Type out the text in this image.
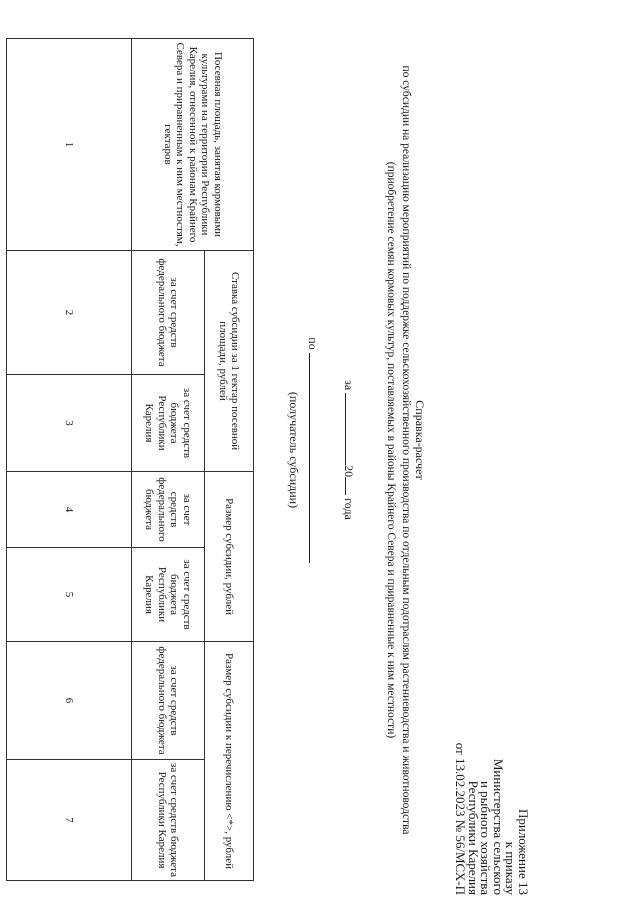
Приложение 13
к приказу
Министерства сельского
и рыбного хозяйства
Республики Карелия
от 13.02.2023 № 56/МСХ-П
Справка-расчет
по субсидии на реализацию мероприятий по поддержке сельскохозяйственного производства по отдельным подотраслям растениеводства и животноводства
(приобретение семян кормовых культур, поставляемых в районы Крайнего Севера и приравненные к ним местности)
за 20 года
по
(получатель субсидии)
Посевная площадь, занятая кормовыми культурами на территории Республики Карелия, отнесенной к районам Крайнего Севера и приравненным к ним местностям, гектаров	Ставка субсидии за 1 гектар посевной площади, рублей		Размер субсидии, рублей		Размер субсидии к перечислению <*>, рублей	
	за счет средств федерального бюджета	за счет средств бюджета Республики Карелия	за счет средств федерального бюджета	за счет средств бюджета Республики Карелия	за счет средств федерального бюджета	за счет средств бюджета Республики Карелия
1	2	3	4	5	6	7
